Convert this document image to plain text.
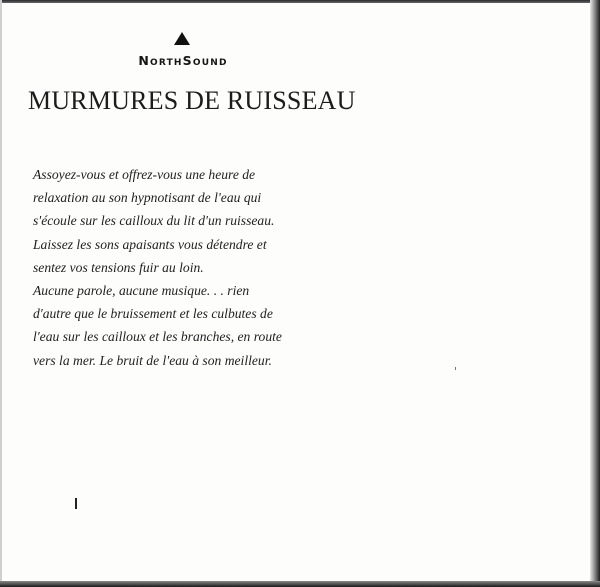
NorthSound
MURMURES DE RUISSEAU
Assoyez-vous et offrez-vous une heure de
relaxation au son hypnotisant de l'eau qui
s'écoule sur les cailloux du lit d'un ruisseau.
Laissez les sons apaisants vous détendre et
sentez vos tensions fuir au loin.
Aucune parole, aucune musique. . . rien
d'autre que le bruissement et les culbutes de
l'eau sur les cailloux et les branches, en route
vers la mer. Le bruit de l'eau à son meilleur.
